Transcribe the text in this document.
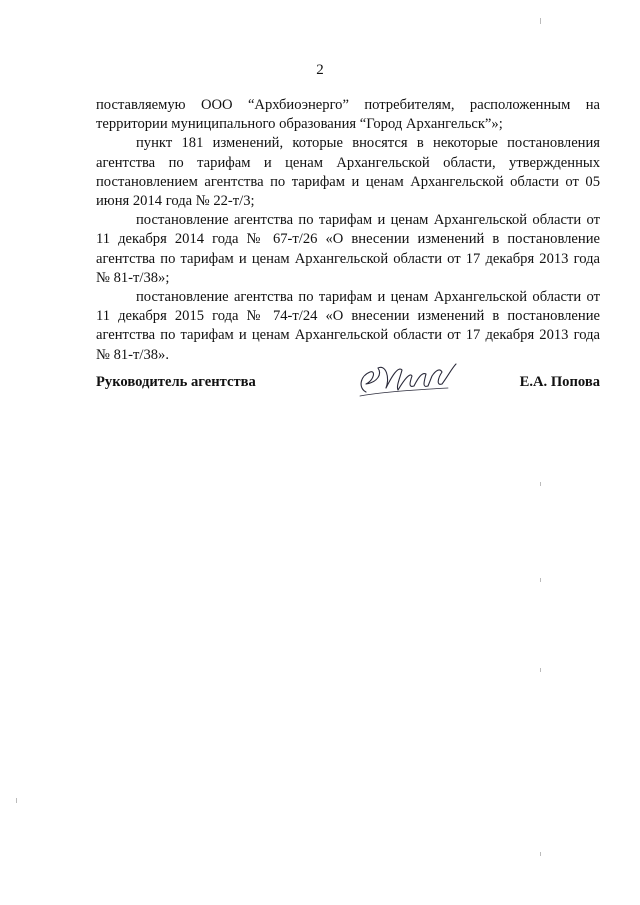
2

поставляемую ООО “Архбиоэнерго” потребителям, расположенным на территории муниципального образования “Город Архангельск”»;

пункт 181 изменений, которые вносятся в некоторые постановления агентства по тарифам и ценам Архангельской области, утвержденных постановлением агентства по тарифам и ценам Архангельской области от 05 июня 2014 года № 22-т/3;

постановление агентства по тарифам и ценам Архангельской области от 11 декабря 2014 года № 67-т/26 «О внесении изменений в постановление агентства по тарифам и ценам Архангельской области от 17 декабря 2013 года № 81-т/38»;

постановление агентства по тарифам и ценам Архангельской области от 11 декабря 2015 года № 74-т/24 «О внесении изменений в постановление агентства по тарифам и ценам Архангельской области от 17 декабря 2013 года № 81-т/38».

Руководитель агентства	Е.А. Попова
